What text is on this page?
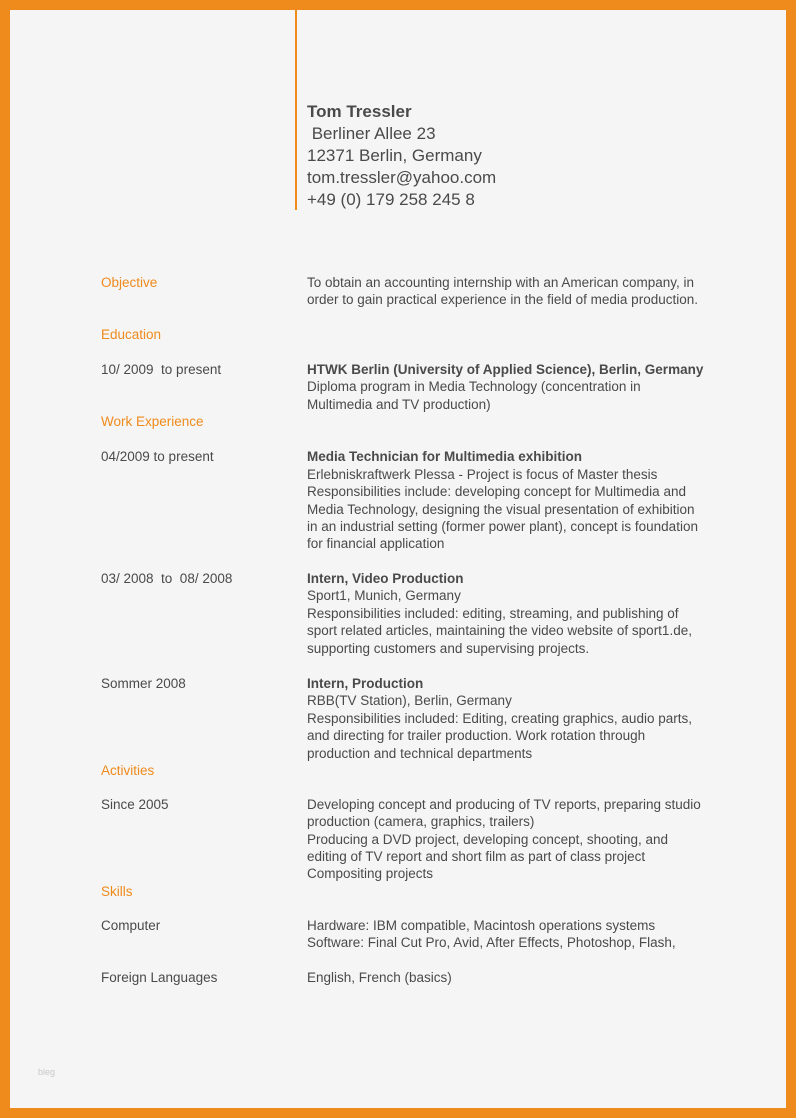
Tom Tressler
Berliner Allee 23
12371 Berlin, Germany
tom.tressler@yahoo.com
+49 (0) 179 258 245 8
Objective	To obtain an accounting internship with an American company, in
order to gain practical experience in the field of media production.
Education
10/ 2009  to present	HTWK Berlin (University of Applied Science), Berlin, Germany
Diploma program in Media Technology (concentration in
Multimedia and TV production)
Work Experience
04/2009 to present	Media Technician for Multimedia exhibition
Erlebniskraftwerk Plessa - Project is focus of Master thesis
Responsibilities include: developing concept for Multimedia and
Media Technology, designing the visual presentation of exhibition
in an industrial setting (former power plant), concept is foundation
for financial application
03/ 2008  to  08/ 2008	Intern, Video Production
Sport1, Munich, Germany
Responsibilities included: editing, streaming, and publishing of
sport related articles, maintaining the video website of sport1.de,
supporting customers and supervising projects.
Sommer 2008	Intern, Production
RBB(TV Station), Berlin, Germany
Responsibilities included: Editing, creating graphics, audio parts,
and directing for trailer production. Work rotation through
production and technical departments
Activities
Since 2005	Developing concept and producing of TV reports, preparing studio
production (camera, graphics, trailers)
Producing a DVD project, developing concept, shooting, and
editing of TV report and short film as part of class project
Compositing projects
Skills
Computer	Hardware: IBM compatible, Macintosh operations systems
Software: Final Cut Pro, Avid, After Effects, Photoshop, Flash,
Foreign Languages	English, French (basics)
bleg
